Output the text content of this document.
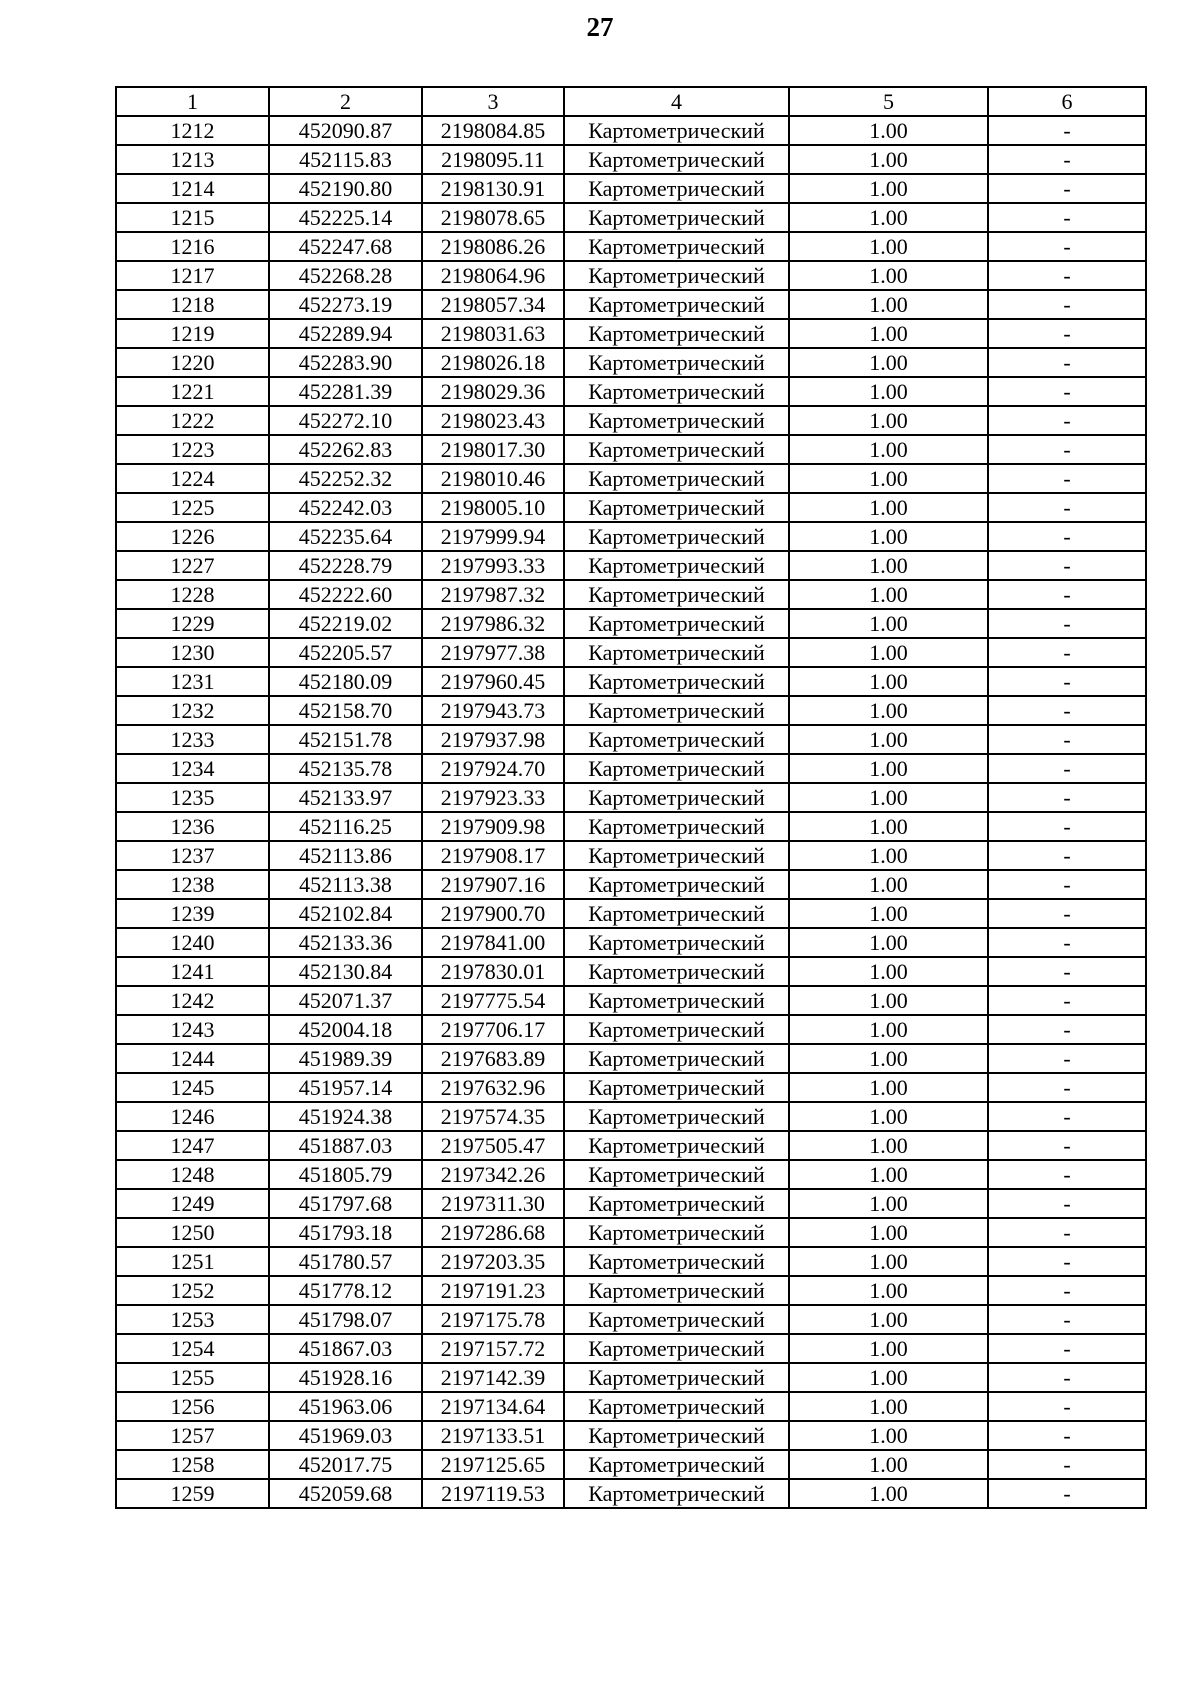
27
1	2	3	4	5	6
1212	452090.87	2198084.85	Картометрический	1.00	-
1213	452115.83	2198095.11	Картометрический	1.00	-
1214	452190.80	2198130.91	Картометрический	1.00	-
1215	452225.14	2198078.65	Картометрический	1.00	-
1216	452247.68	2198086.26	Картометрический	1.00	-
1217	452268.28	2198064.96	Картометрический	1.00	-
1218	452273.19	2198057.34	Картометрический	1.00	-
1219	452289.94	2198031.63	Картометрический	1.00	-
1220	452283.90	2198026.18	Картометрический	1.00	-
1221	452281.39	2198029.36	Картометрический	1.00	-
1222	452272.10	2198023.43	Картометрический	1.00	-
1223	452262.83	2198017.30	Картометрический	1.00	-
1224	452252.32	2198010.46	Картометрический	1.00	-
1225	452242.03	2198005.10	Картометрический	1.00	-
1226	452235.64	2197999.94	Картометрический	1.00	-
1227	452228.79	2197993.33	Картометрический	1.00	-
1228	452222.60	2197987.32	Картометрический	1.00	-
1229	452219.02	2197986.32	Картометрический	1.00	-
1230	452205.57	2197977.38	Картометрический	1.00	-
1231	452180.09	2197960.45	Картометрический	1.00	-
1232	452158.70	2197943.73	Картометрический	1.00	-
1233	452151.78	2197937.98	Картометрический	1.00	-
1234	452135.78	2197924.70	Картометрический	1.00	-
1235	452133.97	2197923.33	Картометрический	1.00	-
1236	452116.25	2197909.98	Картометрический	1.00	-
1237	452113.86	2197908.17	Картометрический	1.00	-
1238	452113.38	2197907.16	Картометрический	1.00	-
1239	452102.84	2197900.70	Картометрический	1.00	-
1240	452133.36	2197841.00	Картометрический	1.00	-
1241	452130.84	2197830.01	Картометрический	1.00	-
1242	452071.37	2197775.54	Картометрический	1.00	-
1243	452004.18	2197706.17	Картометрический	1.00	-
1244	451989.39	2197683.89	Картометрический	1.00	-
1245	451957.14	2197632.96	Картометрический	1.00	-
1246	451924.38	2197574.35	Картометрический	1.00	-
1247	451887.03	2197505.47	Картометрический	1.00	-
1248	451805.79	2197342.26	Картометрический	1.00	-
1249	451797.68	2197311.30	Картометрический	1.00	-
1250	451793.18	2197286.68	Картометрический	1.00	-
1251	451780.57	2197203.35	Картометрический	1.00	-
1252	451778.12	2197191.23	Картометрический	1.00	-
1253	451798.07	2197175.78	Картометрический	1.00	-
1254	451867.03	2197157.72	Картометрический	1.00	-
1255	451928.16	2197142.39	Картометрический	1.00	-
1256	451963.06	2197134.64	Картометрический	1.00	-
1257	451969.03	2197133.51	Картометрический	1.00	-
1258	452017.75	2197125.65	Картометрический	1.00	-
1259	452059.68	2197119.53	Картометрический	1.00	-
